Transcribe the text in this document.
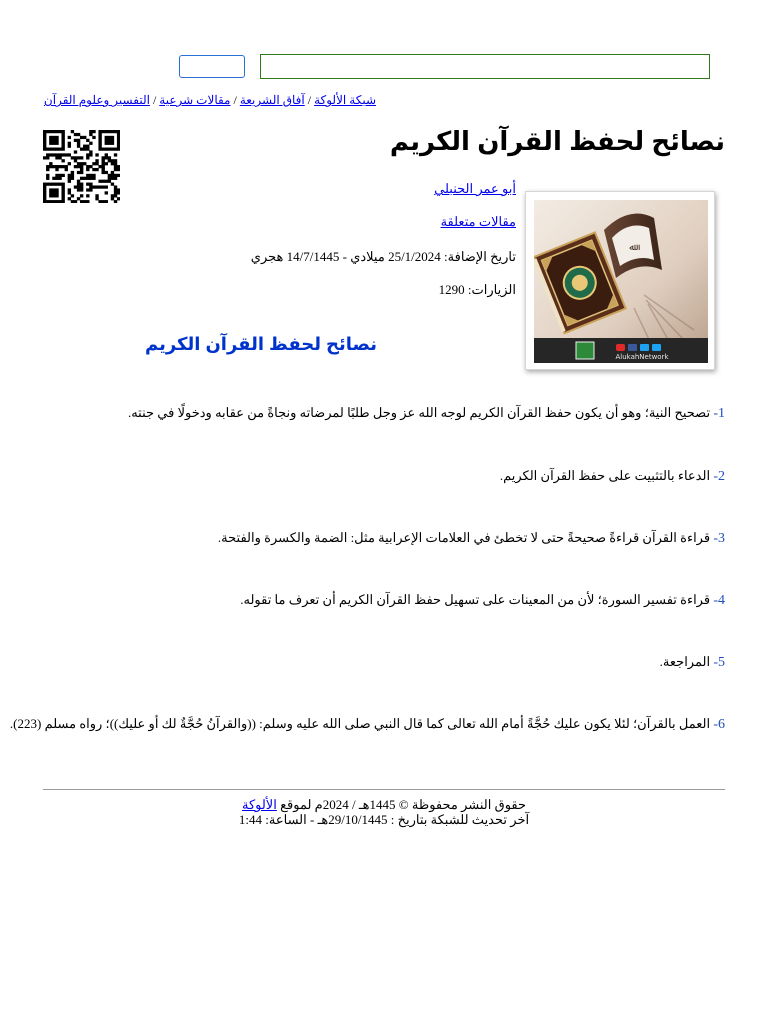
شبكة الألوكة/آفاق الشريعة/مقالات شرعية/التفسير وعلوم القرآن
نصائح لحفظ القرآن الكريم
ﷲ
AlukahNetwork
أبو عمر الحنبلي
مقالات متعلقة
تاريخ الإضافة: 25/1/2024 ميلادي - 14/7/1445 هجري
الزيارات: 1290
نصائح لحفظ القرآن الكريم
1- تصحيح النية؛ وهو أن يكون حفظ القرآن الكريم لوجه الله عز وجل طلبًا لمرضاته ونجاةً من عقابه ودخولًا في جنته.
2- الدعاء بالتثبيت على حفظ القرآن الكريم.
3- قراءة القرآن قراءةً صحيحةً حتى لا تخطئ في العلامات الإعرابية مثل: الضمة والكسرة والفتحة.
4- قراءة تفسير السورة؛ لأن من المعينات على تسهيل حفظ القرآن الكريم أن تعرف ما تقوله.
5- المراجعة.
6- العمل بالقرآن؛ لئلا يكون عليك حُجَّةً أمام الله تعالى كما قال النبي صلى الله عليه وسلم: ((والقرآنُ حُجَّةٌ لك أو عليك))؛ رواه مسلم (223).
حقوق النشر محفوظة © 1445هـ / 2024م لموقع الألوكة
آخر تحديث للشبكة بتاريخ : 29/10/1445هـ - الساعة: 1:44
